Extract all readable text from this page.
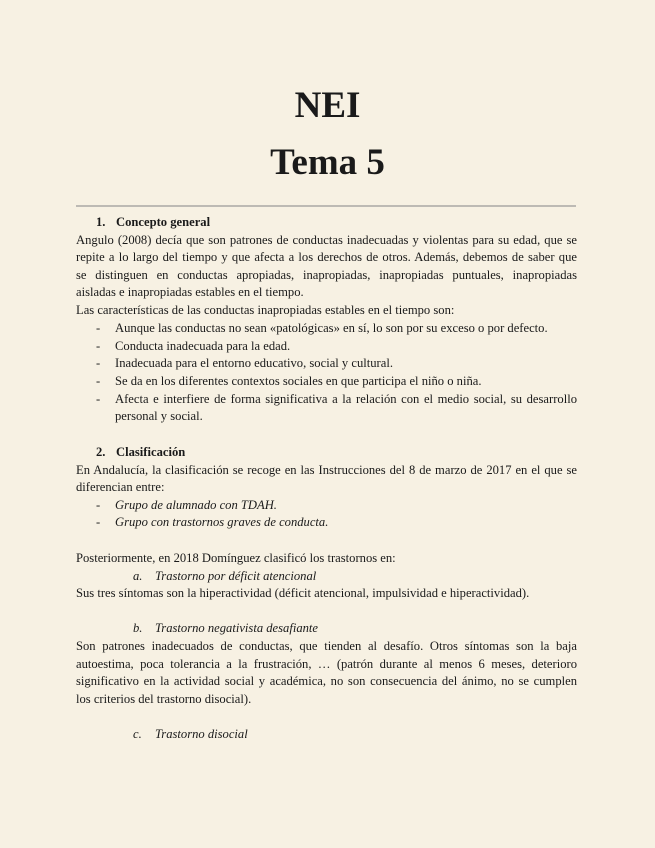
NEI
Tema 5
1. Concepto general
Angulo (2008) decía que son patrones de conductas inadecuadas y violentas para su edad, que se
repite a lo largo del tiempo y que afecta a los derechos de otros. Además, debemos de saber que
se distinguen en conductas apropiadas, inapropiadas, inapropiadas puntuales, inapropiadas
aisladas e inapropiadas estables en el tiempo.
Las características de las conductas inapropiadas estables en el tiempo son:
- Aunque las conductas no sean «patológicas» en sí, lo son por su exceso o por defecto.
- Conducta inadecuada para la edad.
- Inadecuada para el entorno educativo, social y cultural.
- Se da en los diferentes contextos sociales en que participa el niño o niña.
- Afecta e interfiere de forma significativa a la relación con el medio social, su desarrollo
personal y social.
2. Clasificación
En Andalucía, la clasificación se recoge en las Instrucciones del 8 de marzo de 2017 en el que se
diferencian entre:
- Grupo de alumnado con TDAH.
- Grupo con trastornos graves de conducta.
Posteriormente, en 2018 Domínguez clasificó los trastornos en:
a. Trastorno por déficit atencional
Sus tres síntomas son la hiperactividad (déficit atencional, impulsividad e hiperactividad).
b. Trastorno negativista desafiante
Son patrones inadecuados de conductas, que tienden al desafío. Otros síntomas son la baja
autoestima, poca tolerancia a la frustración, … (patrón durante al menos 6 meses, deterioro
significativo en la actividad social y académica, no son consecuencia del ánimo, no se cumplen
los criterios del trastorno disocial).
c. Trastorno disocial
